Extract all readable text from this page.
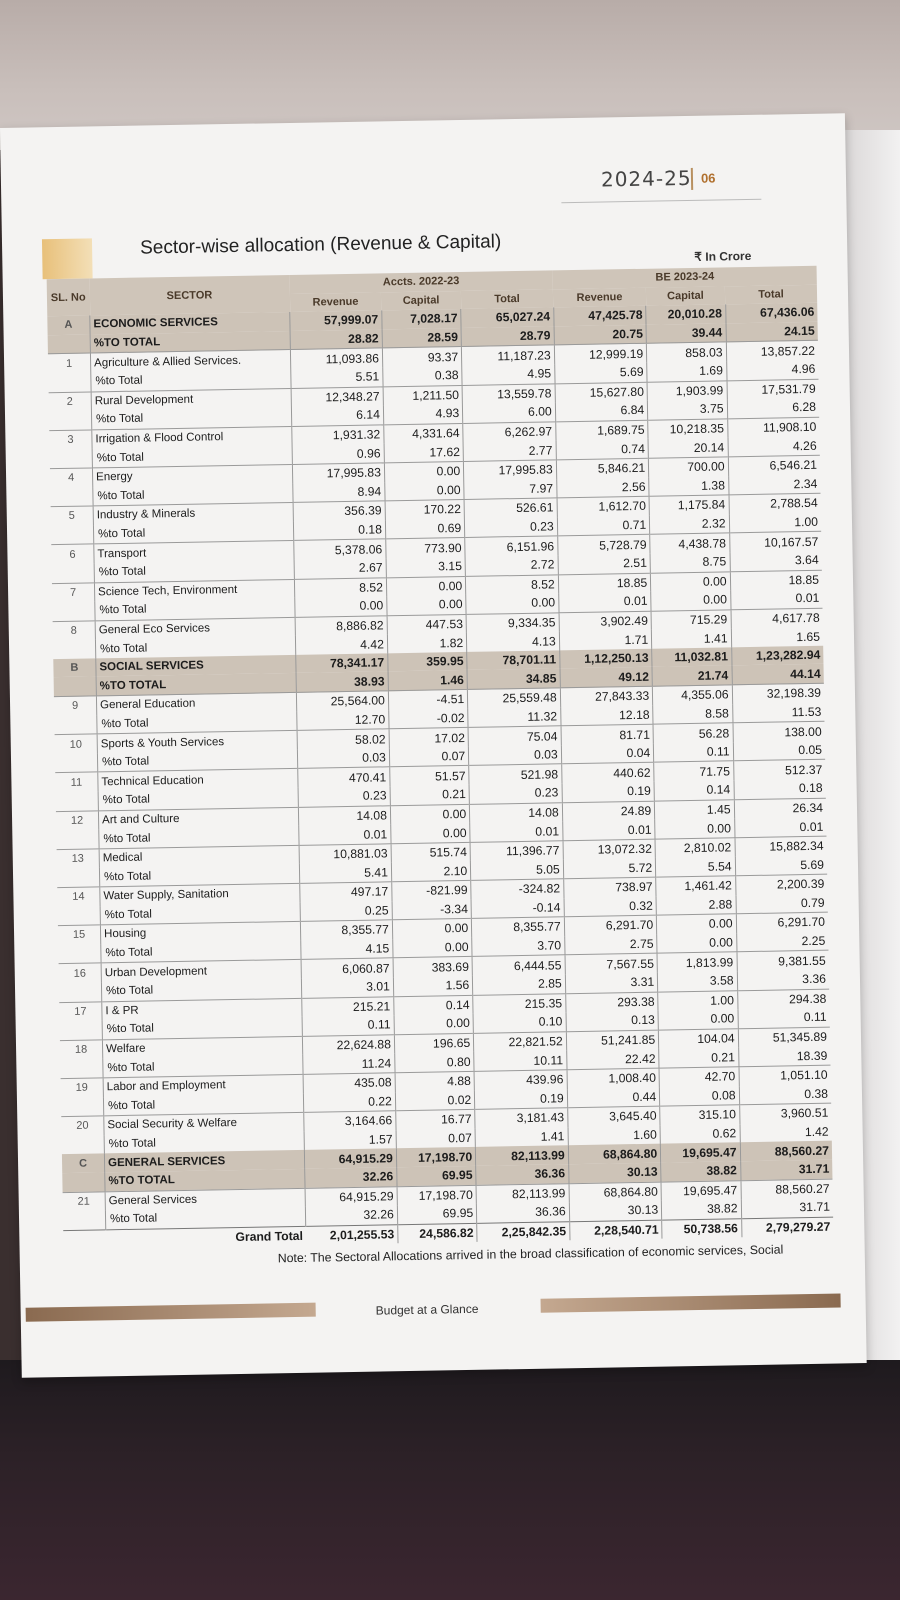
2024-25 06
Sector-wise allocation (Revenue & Capital)	₹ In Crore
SL. No	SECTOR	Accts. 2022-23			BE 2023-24		
		Revenue	Capital	Total	Revenue	Capital	Total
A	ECONOMIC SERVICES	57,999.07	7,028.17	65,027.24	47,425.78	20,010.28	67,436.06
	%TO TOTAL	28.82	28.59	28.79	20.75	39.44	24.15
1	Agriculture & Allied Services.	11,093.86	93.37	11,187.23	12,999.19	858.03	13,857.22
	%to Total	5.51	0.38	4.95	5.69	1.69	4.96
2	Rural Development	12,348.27	1,211.50	13,559.78	15,627.80	1,903.99	17,531.79
	%to Total	6.14	4.93	6.00	6.84	3.75	6.28
3	Irrigation & Flood Control	1,931.32	4,331.64	6,262.97	1,689.75	10,218.35	11,908.10
	%to Total	0.96	17.62	2.77	0.74	20.14	4.26
4	Energy	17,995.83	0.00	17,995.83	5,846.21	700.00	6,546.21
	%to Total	8.94	0.00	7.97	2.56	1.38	2.34
5	Industry & Minerals	356.39	170.22	526.61	1,612.70	1,175.84	2,788.54
	%to Total	0.18	0.69	0.23	0.71	2.32	1.00
6	Transport	5,378.06	773.90	6,151.96	5,728.79	4,438.78	10,167.57
	%to Total	2.67	3.15	2.72	2.51	8.75	3.64
7	Science Tech, Environment	8.52	0.00	8.52	18.85	0.00	18.85
	%to Total	0.00	0.00	0.00	0.01	0.00	0.01
8	General Eco Services	8,886.82	447.53	9,334.35	3,902.49	715.29	4,617.78
	%to Total	4.42	1.82	4.13	1.71	1.41	1.65
B	SOCIAL SERVICES	78,341.17	359.95	78,701.11	1,12,250.13	11,032.81	1,23,282.94
	%TO TOTAL	38.93	1.46	34.85	49.12	21.74	44.14
9	General Education	25,564.00	-4.51	25,559.48	27,843.33	4,355.06	32,198.39
	%to Total	12.70	-0.02	11.32	12.18	8.58	11.53
10	Sports & Youth Services	58.02	17.02	75.04	81.71	56.28	138.00
	%to Total	0.03	0.07	0.03	0.04	0.11	0.05
11	Technical Education	470.41	51.57	521.98	440.62	71.75	512.37
	%to Total	0.23	0.21	0.23	0.19	0.14	0.18
12	Art and Culture	14.08	0.00	14.08	24.89	1.45	26.34
	%to Total	0.01	0.00	0.01	0.01	0.00	0.01
13	Medical	10,881.03	515.74	11,396.77	13,072.32	2,810.02	15,882.34
	%to Total	5.41	2.10	5.05	5.72	5.54	5.69
14	Water Supply, Sanitation	497.17	-821.99	-324.82	738.97	1,461.42	2,200.39
	%to Total	0.25	-3.34	-0.14	0.32	2.88	0.79
15	Housing	8,355.77	0.00	8,355.77	6,291.70	0.00	6,291.70
	%to Total	4.15	0.00	3.70	2.75	0.00	2.25
16	Urban Development	6,060.87	383.69	6,444.55	7,567.55	1,813.99	9,381.55
	%to Total	3.01	1.56	2.85	3.31	3.58	3.36
17	I & PR	215.21	0.14	215.35	293.38	1.00	294.38
	%to Total	0.11	0.00	0.10	0.13	0.00	0.11
18	Welfare	22,624.88	196.65	22,821.52	51,241.85	104.04	51,345.89
	%to Total	11.24	0.80	10.11	22.42	0.21	18.39
19	Labor and Employment	435.08	4.88	439.96	1,008.40	42.70	1,051.10
	%to Total	0.22	0.02	0.19	0.44	0.08	0.38
20	Social Security & Welfare	3,164.66	16.77	3,181.43	3,645.40	315.10	3,960.51
	%to Total	1.57	0.07	1.41	1.60	0.62	1.42
C	GENERAL SERVICES	64,915.29	17,198.70	82,113.99	68,864.80	19,695.47	88,560.27
	%TO TOTAL	32.26	69.95	36.36	30.13	38.82	31.71
21	General Services	64,915.29	17,198.70	82,113.99	68,864.80	19,695.47	88,560.27
	%to Total	32.26	69.95	36.36	30.13	38.82	31.71
Grand Total		2,01,255.53	24,586.82	2,25,842.35	2,28,540.71	50,738.56	2,79,279.27
Note: The Sectoral Allocations arrived in the broad classification of economic services, Social
Budget at a Glance
